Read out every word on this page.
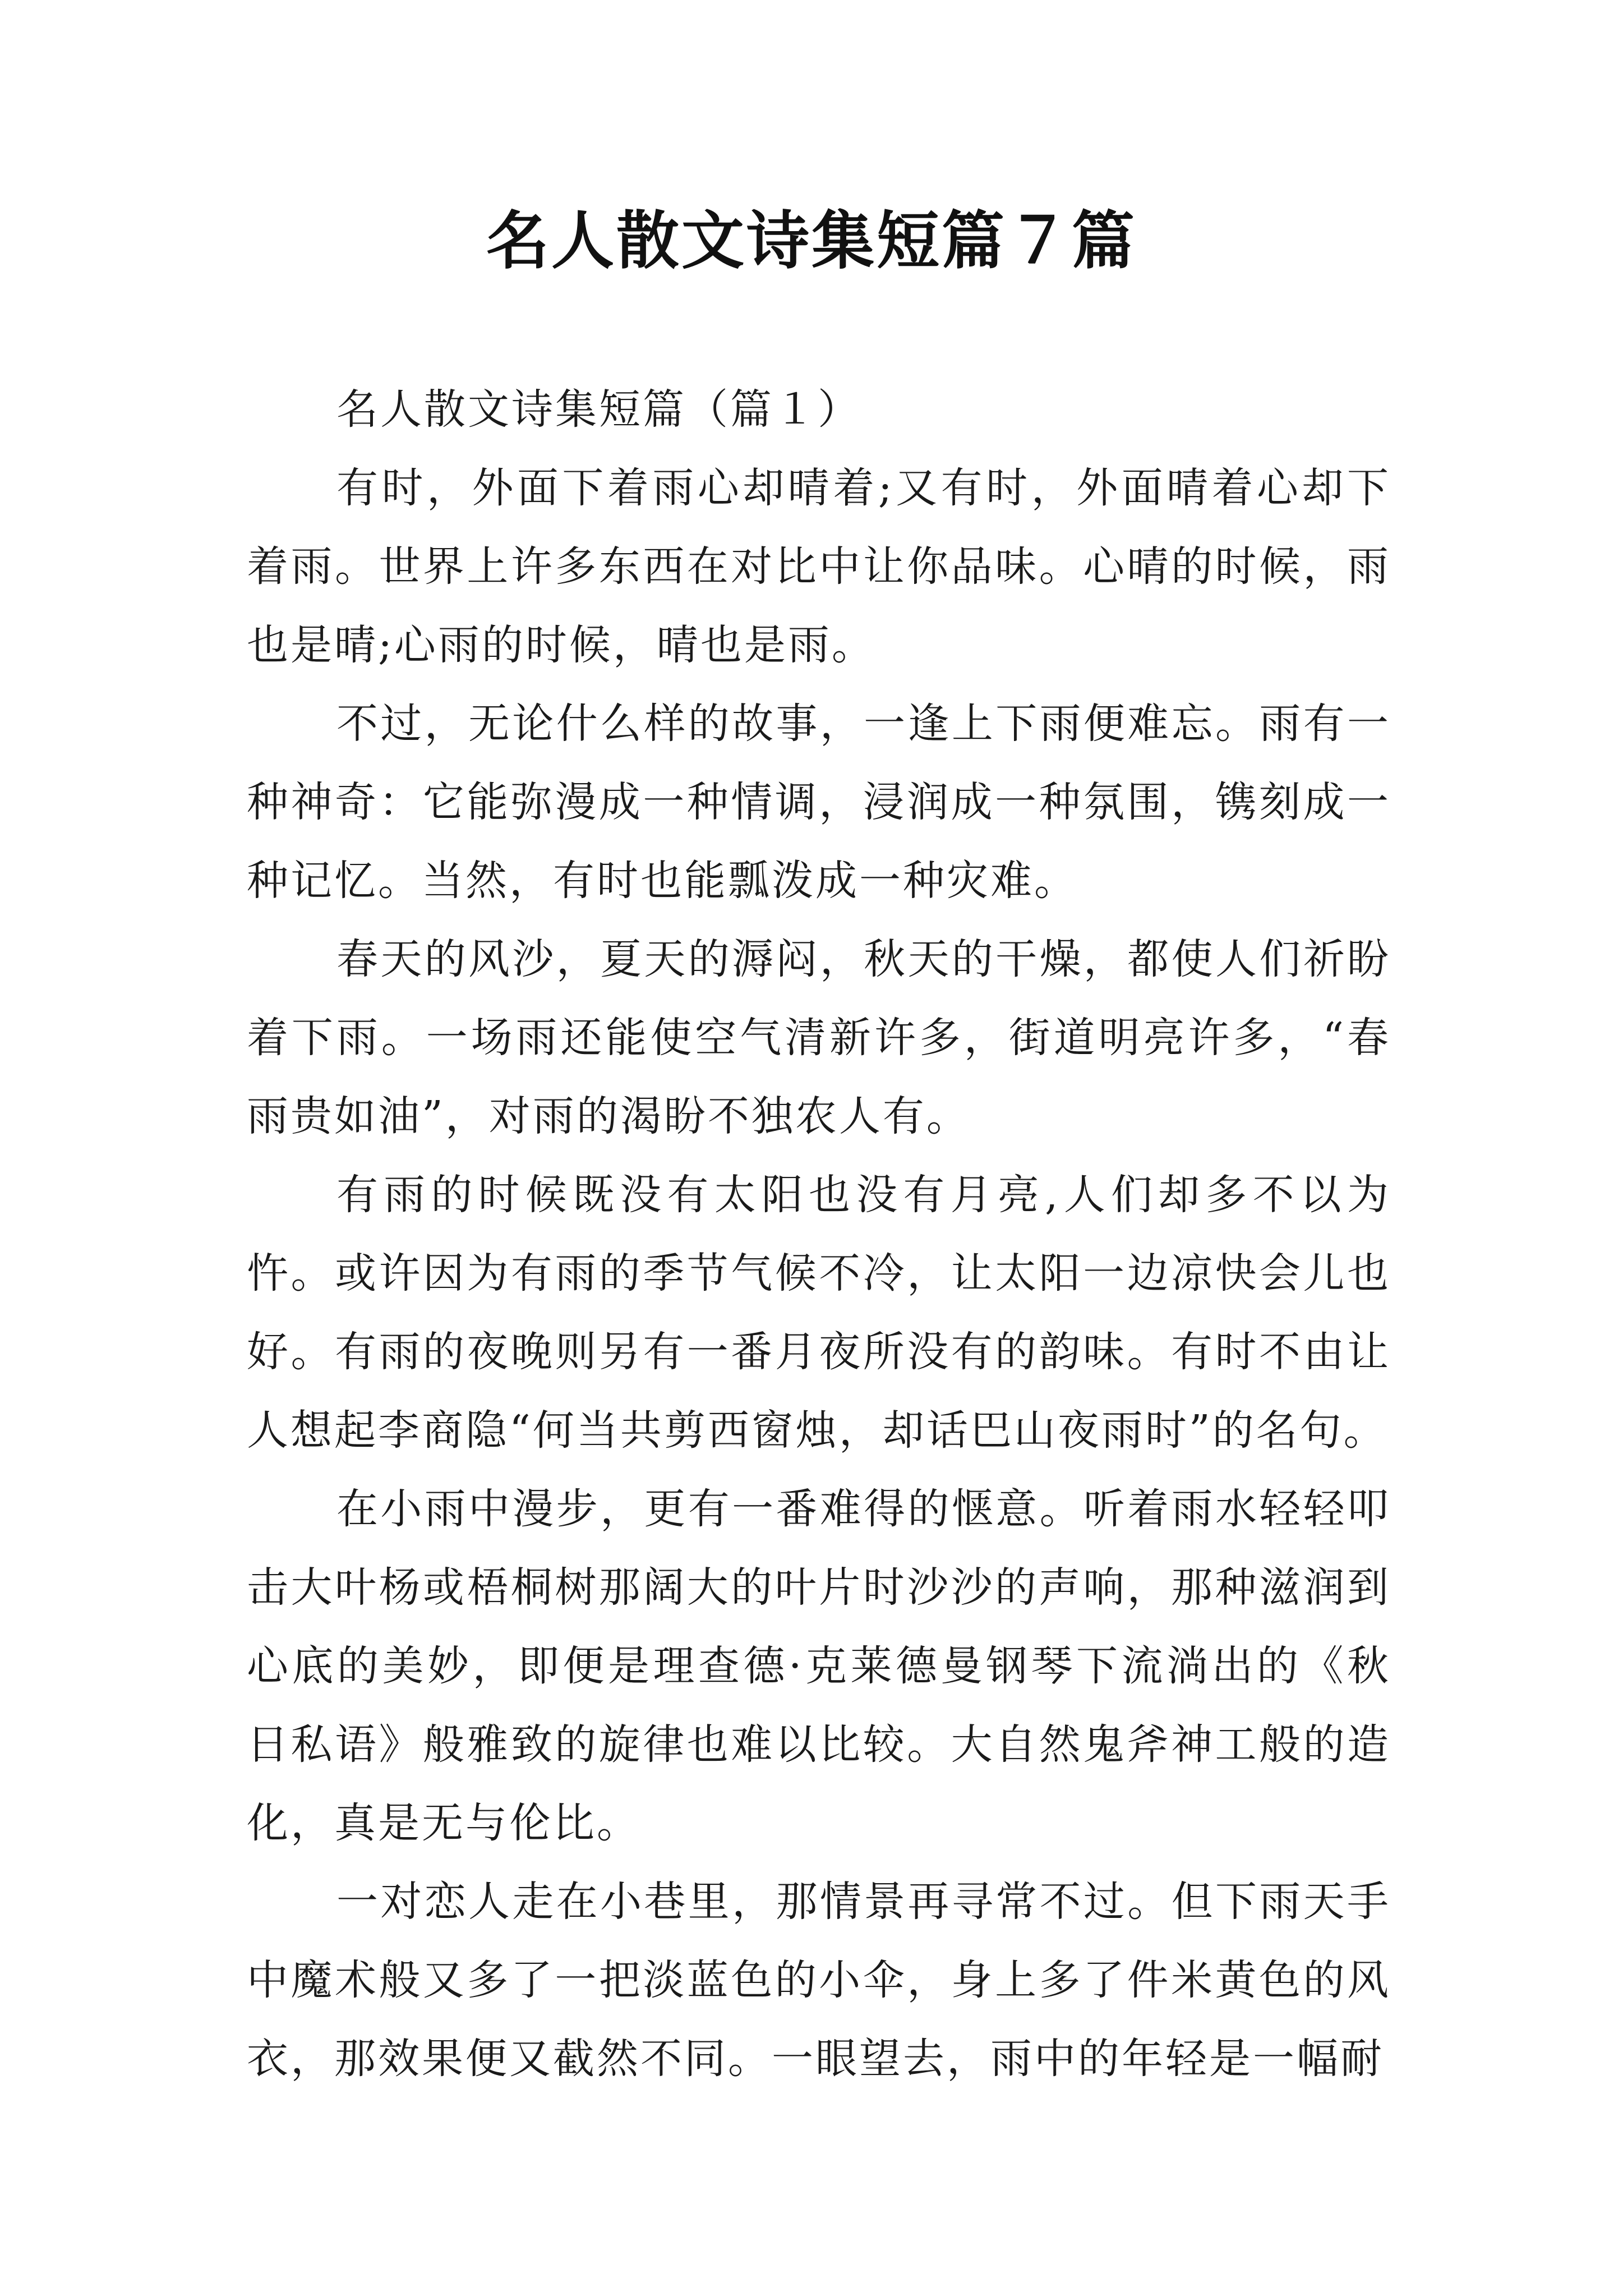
名人散文诗集短篇７篇

名人散文诗集短篇（篇１）

有时，外面下着雨心却晴着;又有时，外面晴着心却下着雨。世界上许多东西在对比中让你品味。心晴的时候，雨也是晴;心雨的时候，晴也是雨。

不过，无论什么样的故事，一逢上下雨便难忘。雨有一种神奇：它能弥漫成一种情调，浸润成一种氛围，镌刻成一种记忆。当然，有时也能瓢泼成一种灾难。

春天的风沙，夏天的溽闷，秋天的干燥，都使人们祈盼着下雨。一场雨还能使空气清新许多，街道明亮许多，“春雨贵如油”，对雨的渴盼不独农人有。

有雨的时候既没有太阳也没有月亮,人们却多不以为忤。或许因为有雨的季节气候不冷，让太阳一边凉快会儿也好。有雨的夜晚则另有一番月夜所没有的韵味。有时不由让人想起李商隐“何当共剪西窗烛，却话巴山夜雨时”的名句。

在小雨中漫步，更有一番难得的惬意。听着雨水轻轻叩击大叶杨或梧桐树那阔大的叶片时沙沙的声响，那种滋润到心底的美妙，即便是理查德·克莱德曼钢琴下流淌出的《秋日私语》般雅致的旋律也难以比较。大自然鬼斧神工般的造化，真是无与伦比。

一对恋人走在小巷里，那情景再寻常不过。但下雨天手中魔术般又多了一把淡蓝色的小伞，身上多了件米黄色的风衣，那效果便又截然不同。一眼望去，雨中的年轻是一幅耐
